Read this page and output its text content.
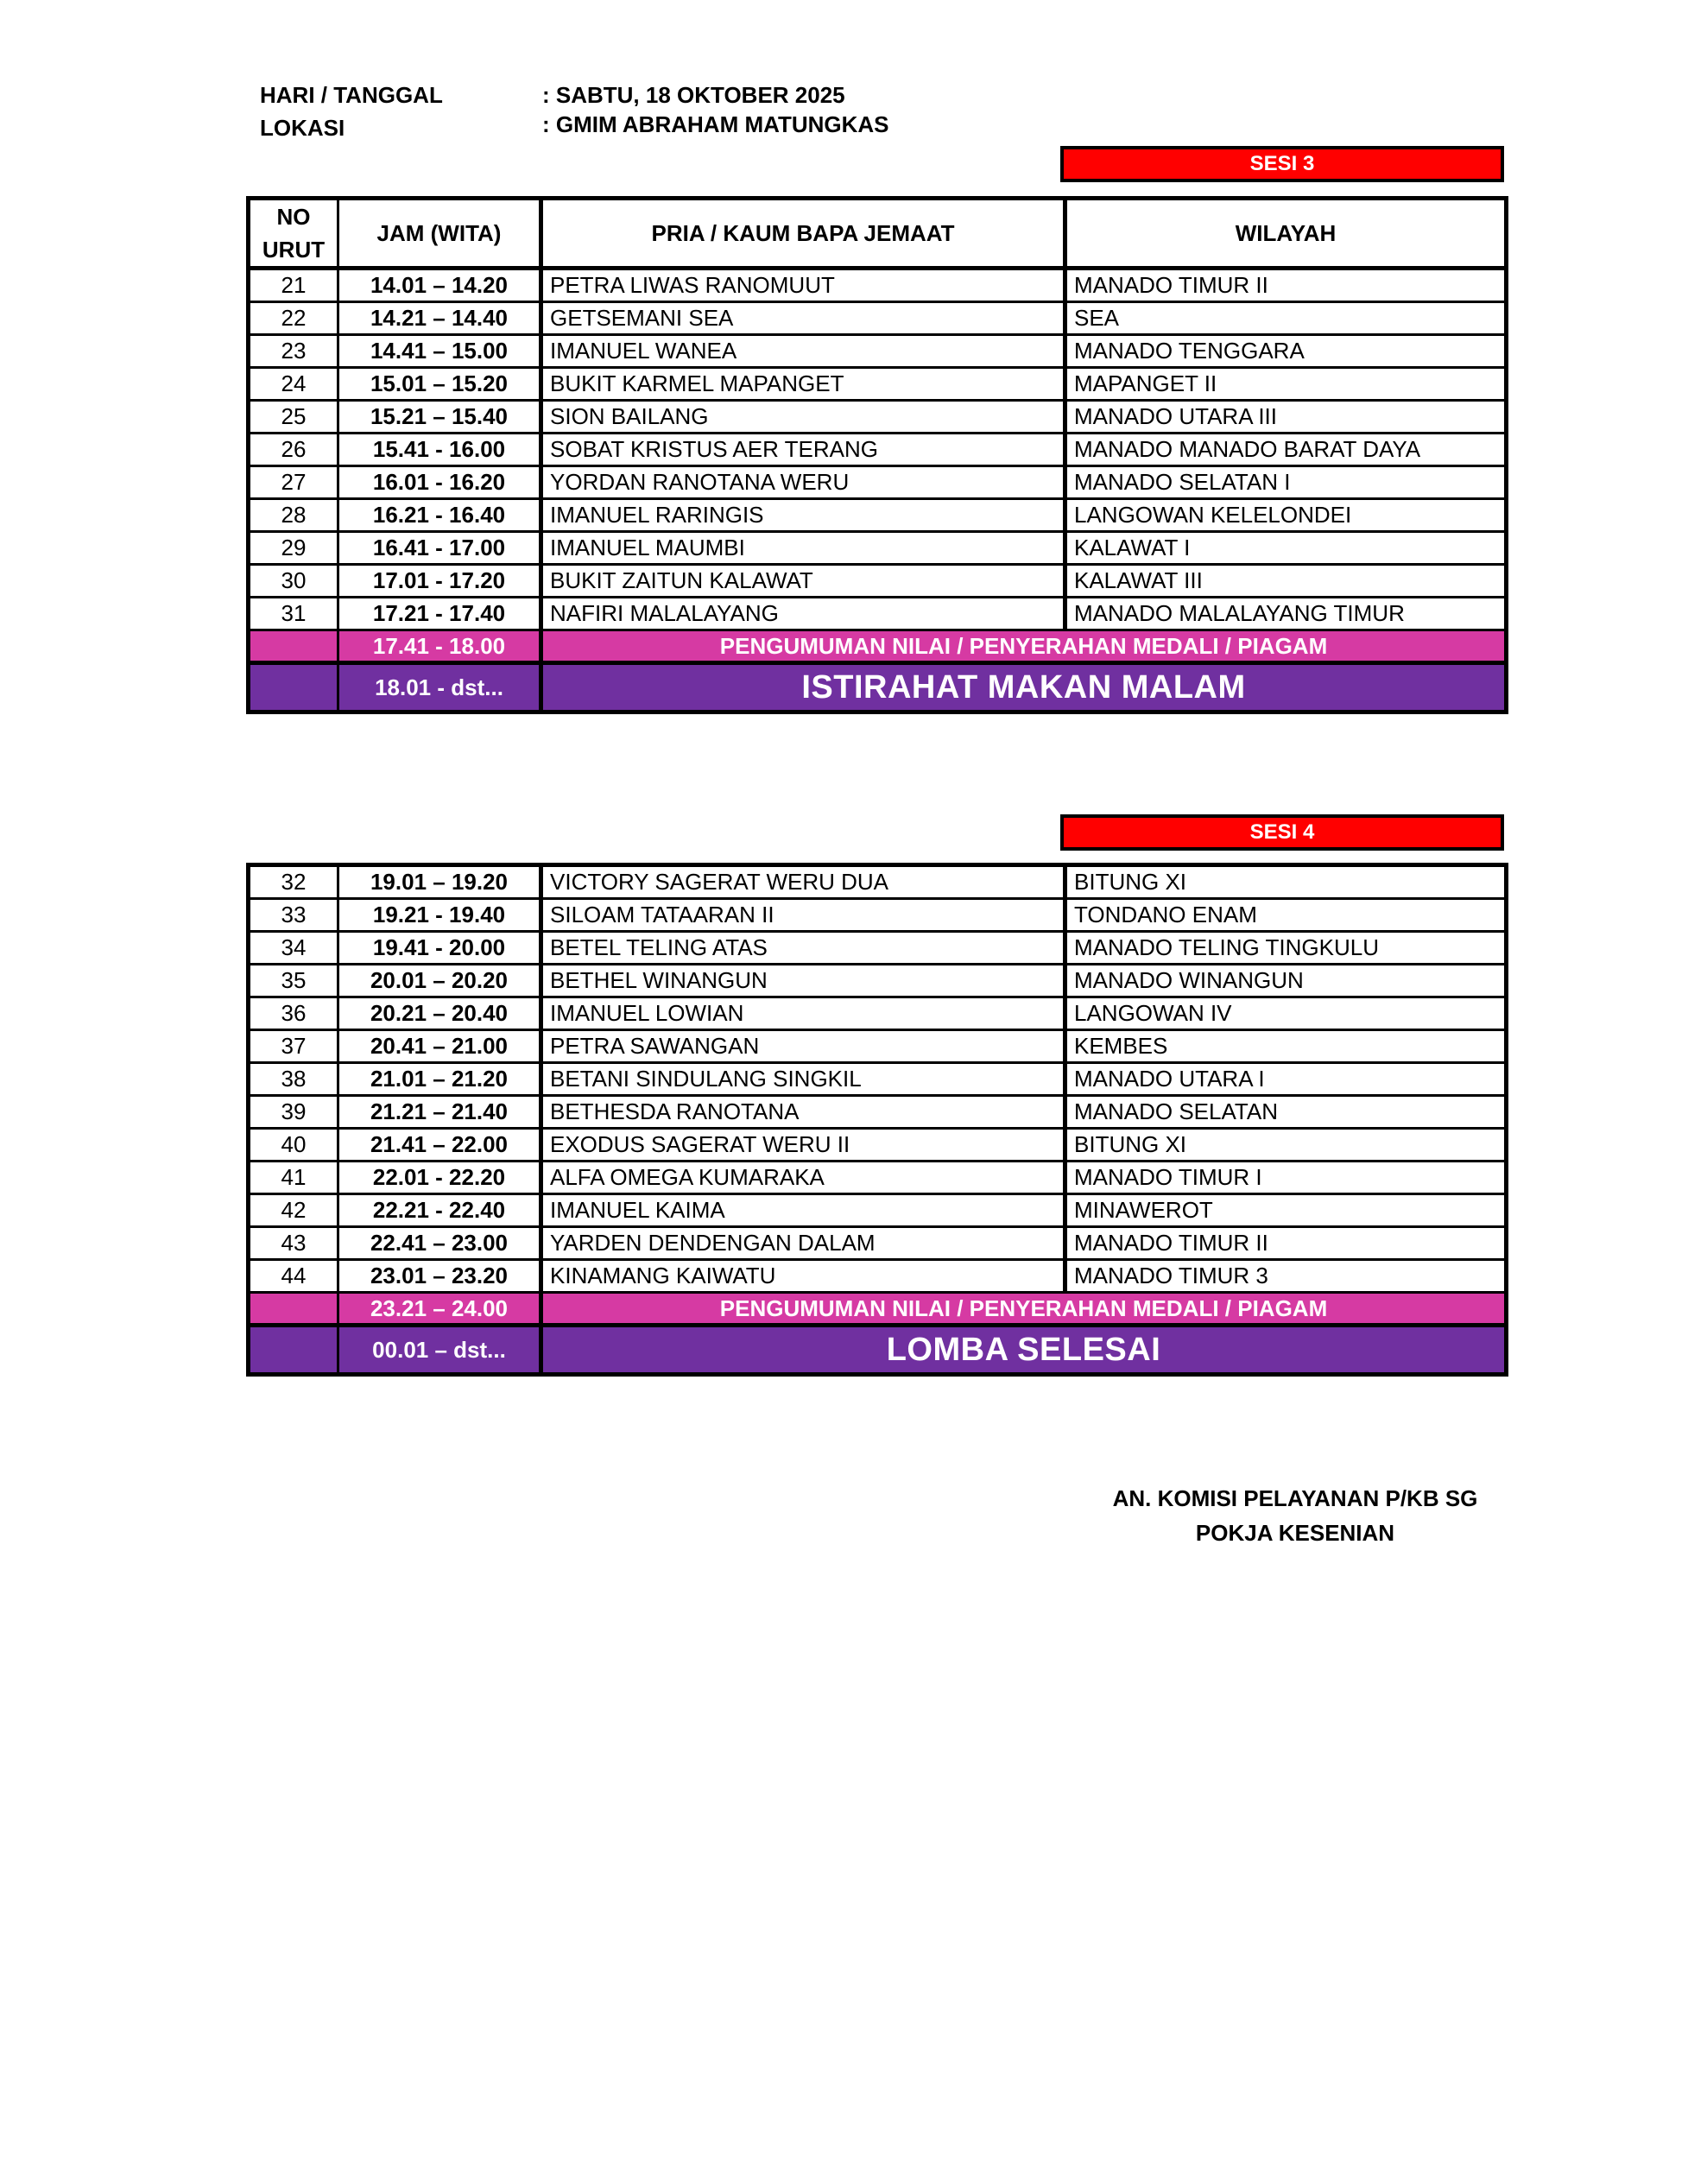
HARI / TANGGAL	: SABTU, 18 OKTOBER 2025
LOKASI	: GMIM ABRAHAM MATUNGKAS
SESI 3
NO
URUT	JAM (WITA)	PRIA / KAUM BAPA JEMAAT	WILAYAH
21	14.01 – 14.20	PETRA LIWAS RANOMUUT	MANADO TIMUR II
22	14.21 – 14.40	GETSEMANI SEA	SEA
23	14.41 – 15.00	IMANUEL WANEA	MANADO TENGGARA
24	15.01 – 15.20	BUKIT KARMEL MAPANGET	MAPANGET II
25	15.21 – 15.40	SION BAILANG	MANADO UTARA III
26	15.41 - 16.00	SOBAT KRISTUS AER TERANG	MANADO MANADO BARAT DAYA
27	16.01 - 16.20	YORDAN RANOTANA WERU	MANADO SELATAN I
28	16.21 - 16.40	IMANUEL RARINGIS	LANGOWAN KELELONDEI
29	16.41 - 17.00	IMANUEL MAUMBI	KALAWAT I
30	17.01 - 17.20	BUKIT ZAITUN KALAWAT	KALAWAT III
31	17.21 - 17.40	NAFIRI MALALAYANG	MANADO MALALAYANG TIMUR
	17.41 - 18.00	PENGUMUMAN NILAI / PENYERAHAN MEDALI / PIAGAM	
	18.01 - dst...	ISTIRAHAT MAKAN MALAM	
SESI 4
32	19.01 – 19.20	VICTORY SAGERAT WERU DUA	BITUNG XI
33	19.21 - 19.40	SILOAM TATAARAN II	TONDANO ENAM
34	19.41 - 20.00	BETEL TELING ATAS	MANADO TELING TINGKULU
35	20.01 – 20.20	BETHEL WINANGUN	MANADO WINANGUN
36	20.21 – 20.40	IMANUEL LOWIAN	LANGOWAN IV
37	20.41 – 21.00	PETRA SAWANGAN	KEMBES
38	21.01 – 21.20	BETANI SINDULANG SINGKIL	MANADO UTARA I
39	21.21 – 21.40	BETHESDA RANOTANA	MANADO SELATAN
40	21.41 – 22.00	EXODUS SAGERAT WERU II	BITUNG XI
41	22.01 - 22.20	ALFA OMEGA KUMARAKA	MANADO TIMUR I
42	22.21 - 22.40	IMANUEL KAIMA	MINAWEROT
43	22.41 – 23.00	YARDEN DENDENGAN DALAM	MANADO TIMUR II
44	23.01 – 23.20	KINAMANG KAIWATU	MANADO TIMUR 3
	23.21 – 24.00	PENGUMUMAN NILAI / PENYERAHAN MEDALI / PIAGAM	
	00.01 – dst...	LOMBA SELESAI	
AN. KOMISI PELAYANAN P/KB SG
POKJA KESENIAN
